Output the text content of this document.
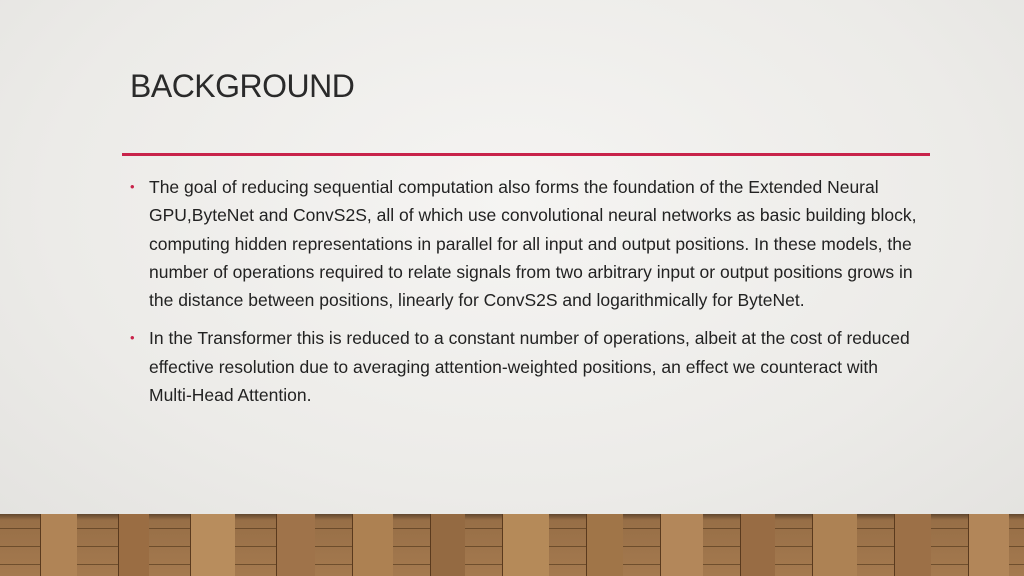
BACKGROUND
• The goal of reducing sequential computation also forms the foundation of the Extended Neural GPU,ByteNet and ConvS2S, all of which use convolutional neural networks as basic building block, computing hidden representations in parallel for all input and output positions. In these models, the number of operations required to relate signals from two arbitrary input or output positions grows in the distance between positions, linearly for ConvS2S and logarithmically for ByteNet.
• In the Transformer this is reduced to a constant number of operations, albeit at the cost of reduced effective resolution due to averaging attention-weighted positions, an effect we counteract with Multi-Head Attention.
